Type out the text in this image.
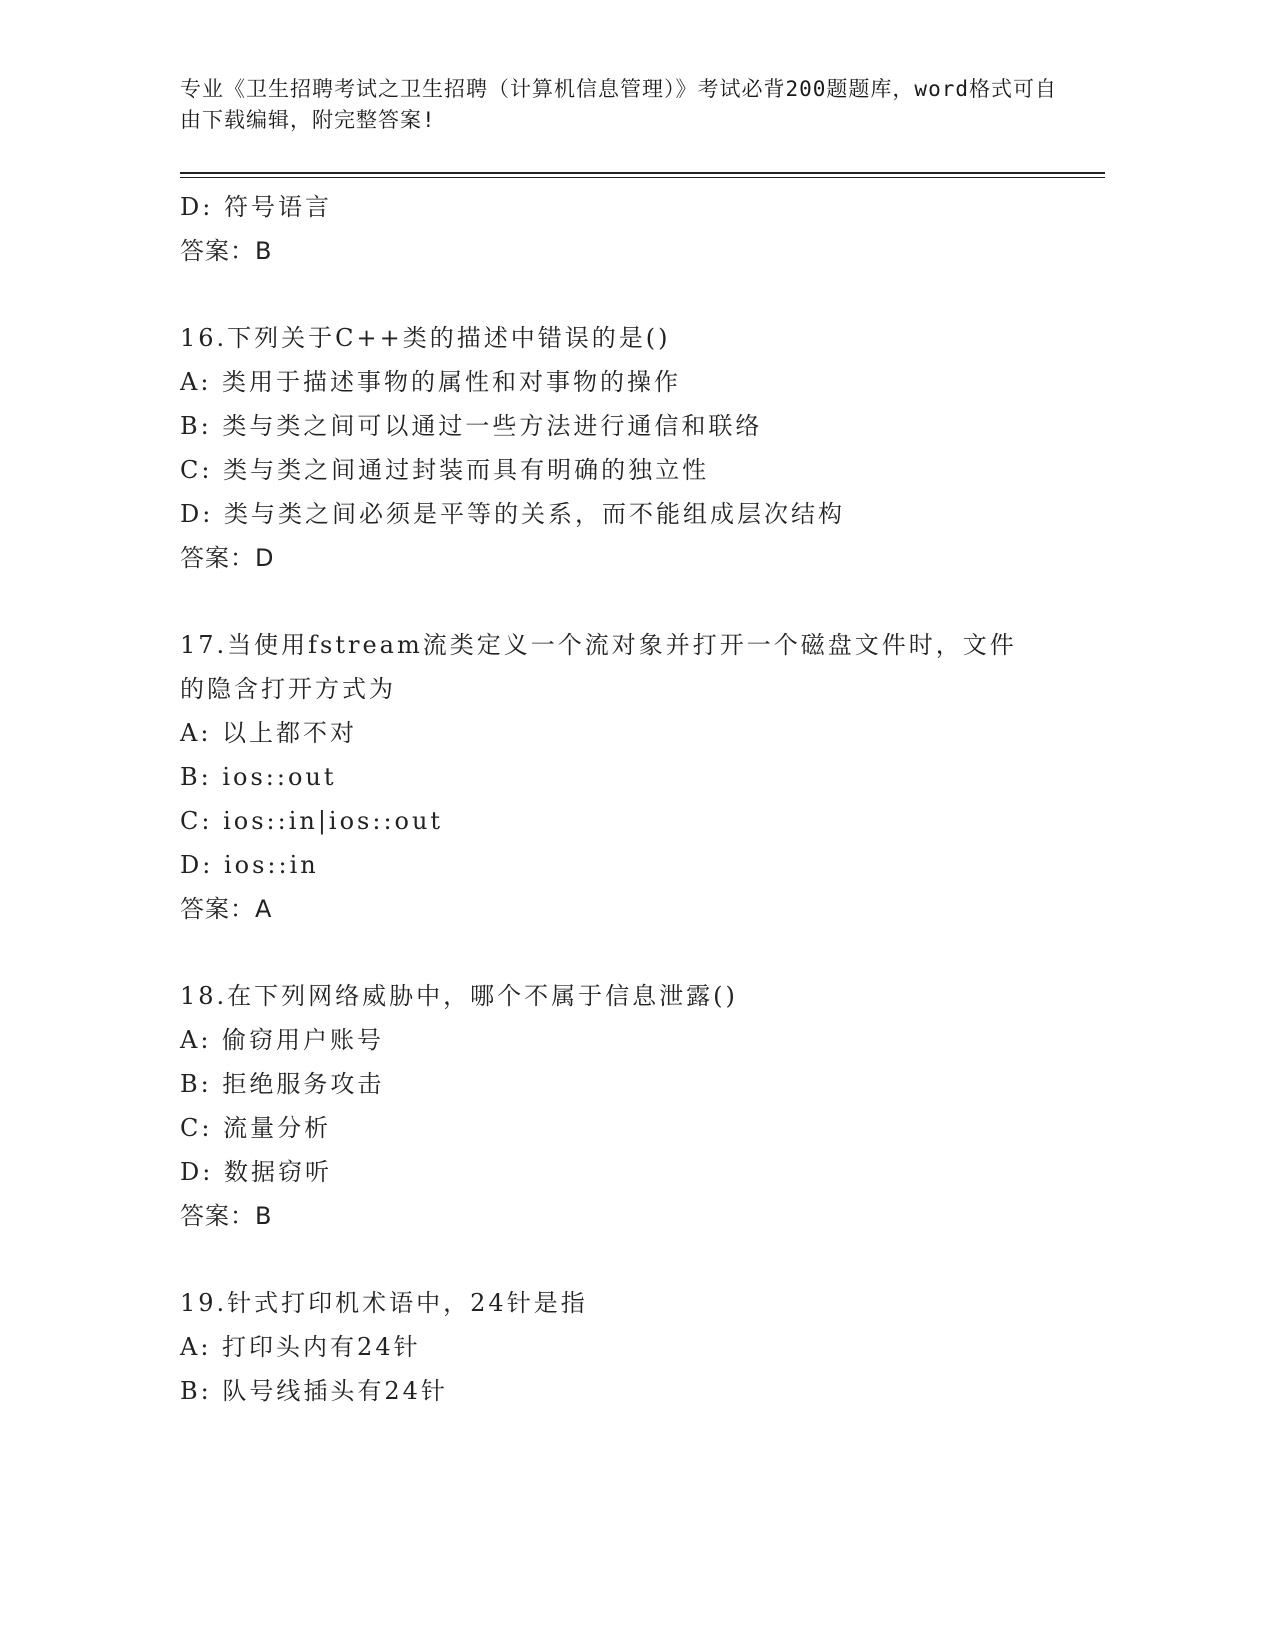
专业《卫生招聘考试之卫生招聘（计算机信息管理）》考试必背200题题库，word格式可自由下载编辑，附完整答案!
D: 符号语言
答案：B
16.下列关于C++类的描述中错误的是()
A: 类用于描述事物的属性和对事物的操作
B: 类与类之间可以通过一些方法进行通信和联络
C: 类与类之间通过封装而具有明确的独立性
D: 类与类之间必须是平等的关系，而不能组成层次结构
答案：D
17.当使用fstream流类定义一个流对象并打开一个磁盘文件时，文件的隐含打开方式为
A: 以上都不对
B: ios::out
C: ios::in|ios::out
D: ios::in
答案：A
18.在下列网络威胁中，哪个不属于信息泄露()
A: 偷窃用户账号
B: 拒绝服务攻击
C: 流量分析
D: 数据窃听
答案：B
19.针式打印机术语中，24针是指
A: 打印头内有24针
B: 队号线插头有24针
